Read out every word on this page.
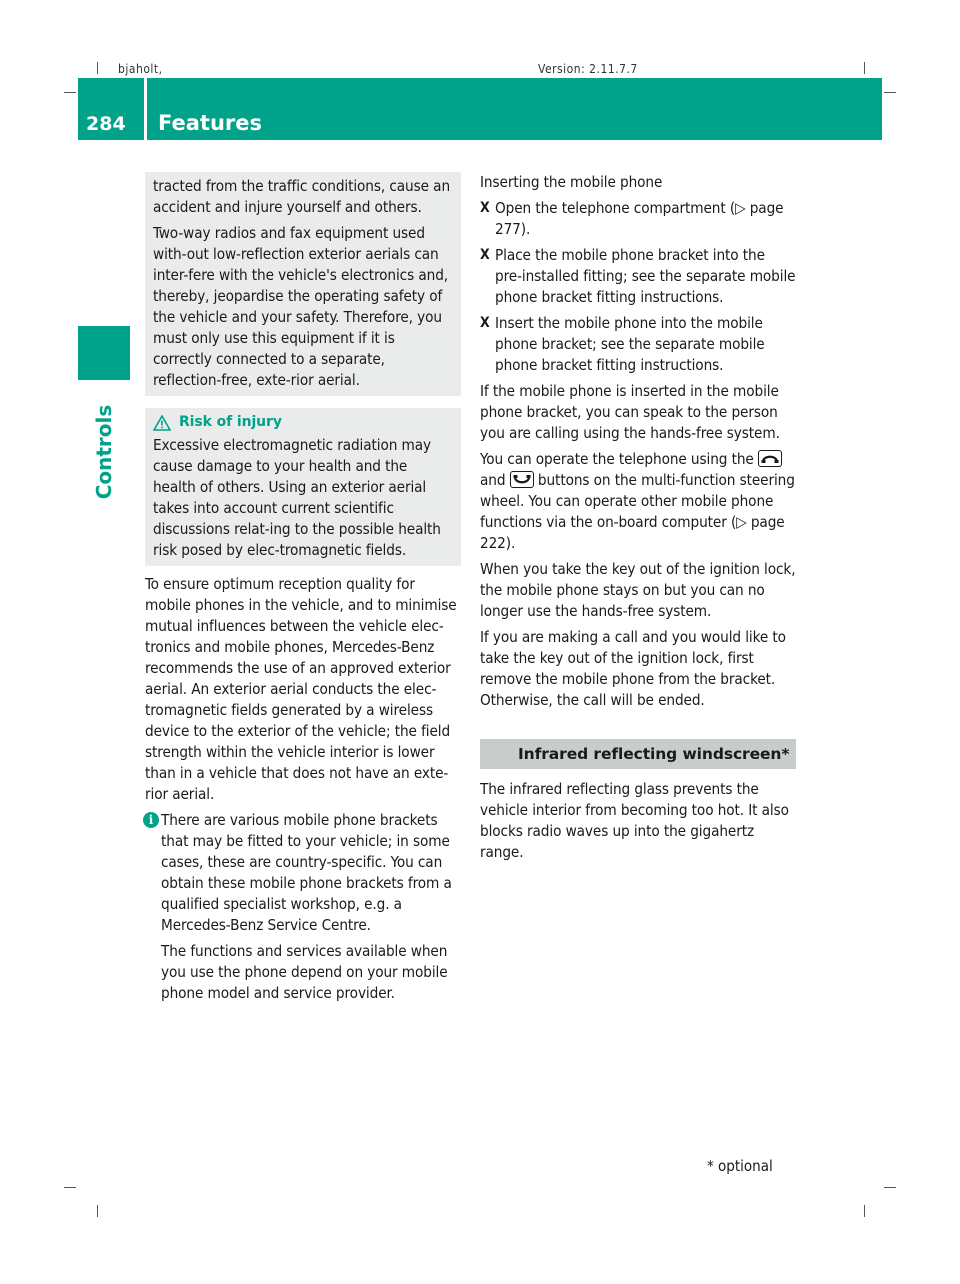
bjaholt,	Version: 2.11.7.7
284 Features
Controls

tracted from the traffic conditions, cause an accident and injure yourself and others.

Two-way radios and fax equipment used with-out low-reflection exterior aerials can inter-fere with the vehicle's electronics and, thereby, jeopardise the operating safety of the vehicle and your safety. Therefore, you must only use this equipment if it is correctly connected to a separate, reflection-free, exte-rior aerial.

Risk of injury

Excessive electromagnetic radiation may cause damage to your health and the health of others. Using an exterior aerial takes into account current scientific discussions relat-ing to the possible health risk posed by elec-tromagnetic fields.

To ensure optimum reception quality for mobile phones in the vehicle, and to minimise mutual influences between the vehicle elec-tronics and mobile phones, Mercedes-Benz recommends the use of an approved exterior aerial. An exterior aerial conducts the elec-tromagnetic fields generated by a wireless device to the exterior of the vehicle; the field strength within the vehicle interior is lower than in a vehicle that does not have an exte-rior aerial.

i There are various mobile phone brackets that may be fitted to your vehicle; in some cases, these are country-specific. You can obtain these mobile phone brackets from a qualified specialist workshop, e.g. a Mercedes-Benz Service Centre.

The functions and services available when you use the phone depend on your mobile phone model and service provider.

Inserting the mobile phone

X Open the telephone compartment (▷ page 277).

X Place the mobile phone bracket into the pre-installed fitting; see the separate mobile phone bracket fitting instructions.

X Insert the mobile phone into the mobile phone bracket; see the separate mobile phone bracket fitting instructions.

If the mobile phone is inserted in the mobile phone bracket, you can speak to the person you are calling using the hands-free system.

You can operate the telephone using the
and buttons on the multi-function steering wheel. You can operate other mobile phone functions via the on-board computer (▷ page 222).

When you take the key out of the ignition lock, the mobile phone stays on but you can no longer use the hands-free system.

If you are making a call and you would like to take the key out of the ignition lock, first remove the mobile phone from the bracket. Otherwise, the call will be ended.

Infrared reflecting windscreen*

The infrared reflecting glass prevents the vehicle interior from becoming too hot. It also blocks radio waves up into the gigahertz range.

* optional
